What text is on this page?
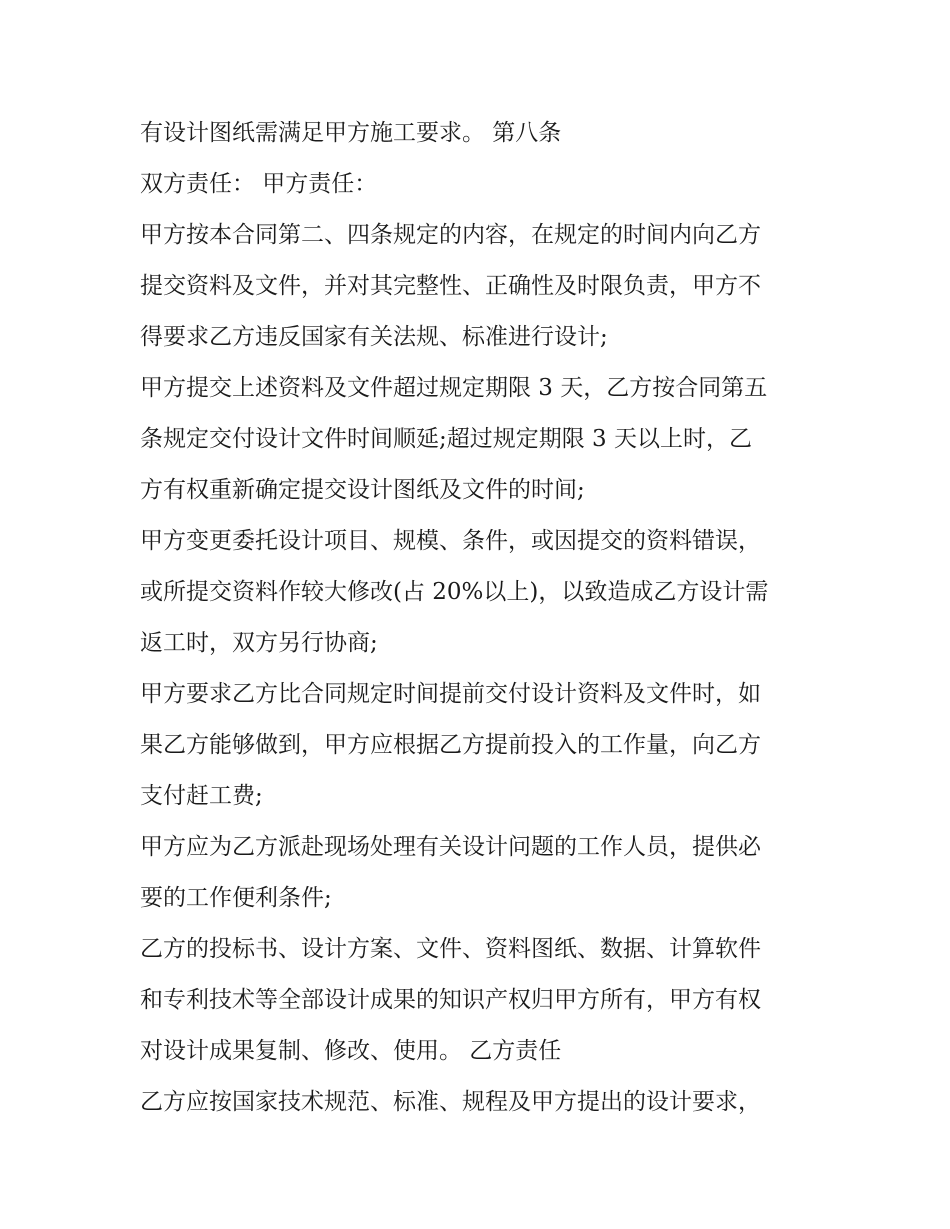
有设计图纸需满足甲方施工要求。 第八条
双方责任： 甲方责任：
甲方按本合同第二、四条规定的内容，在规定的时间内向乙方
提交资料及文件，并对其完整性、正确性及时限负责，甲方不
得要求乙方违反国家有关法规、标准进行设计;
甲方提交上述资料及文件超过规定期限 3 天，乙方按合同第五
条规定交付设计文件时间顺延;超过规定期限 3 天以上时，乙
方有权重新确定提交设计图纸及文件的时间;
甲方变更委托设计项目、规模、条件，或因提交的资料错误，
或所提交资料作较大修改(占 20%以上)，以致造成乙方设计需
返工时，双方另行协商;
甲方要求乙方比合同规定时间提前交付设计资料及文件时，如
果乙方能够做到，甲方应根据乙方提前投入的工作量，向乙方
支付赶工费;
甲方应为乙方派赴现场处理有关设计问题的工作人员，提供必
要的工作便利条件;
乙方的投标书、设计方案、文件、资料图纸、数据、计算软件
和专利技术等全部设计成果的知识产权归甲方所有，甲方有权
对设计成果复制、修改、使用。 乙方责任
乙方应按国家技术规范、标准、规程及甲方提出的设计要求，
